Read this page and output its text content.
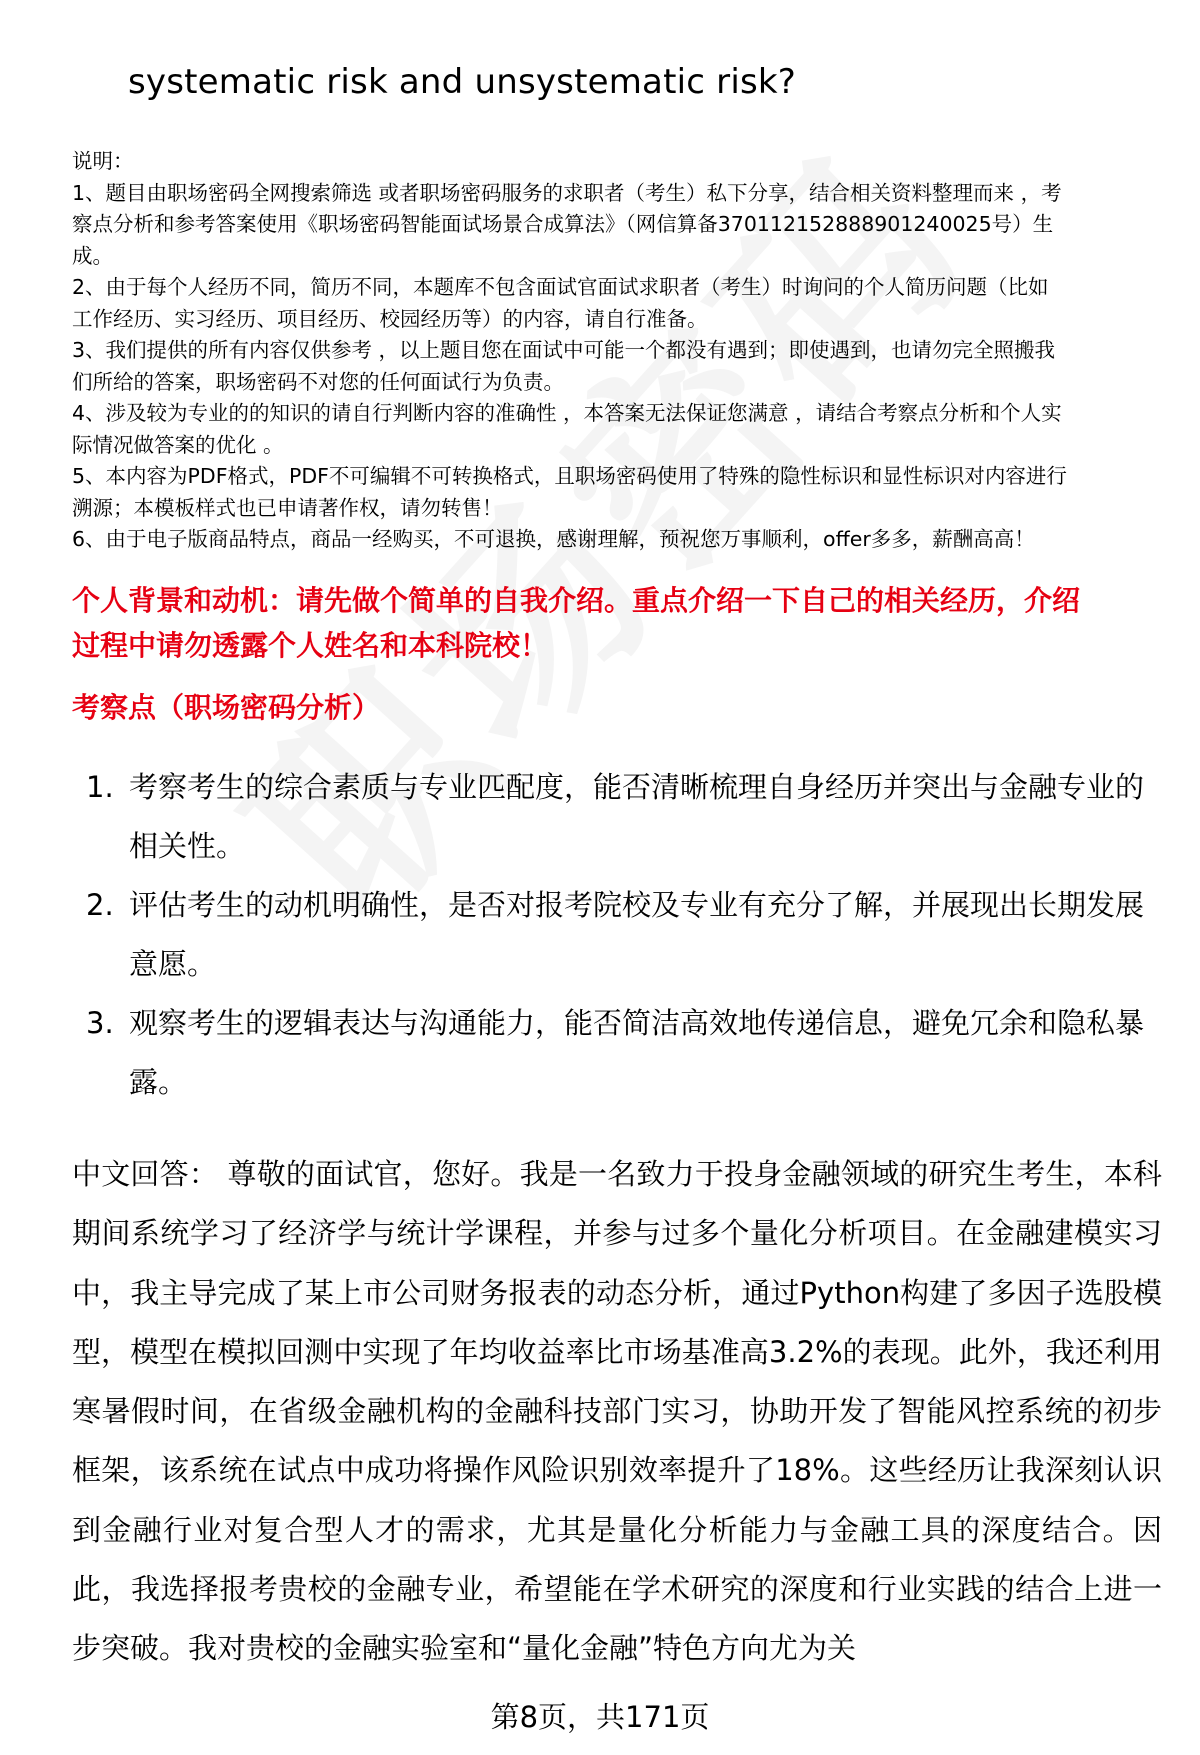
systematic risk and unsystematic risk?
说明：
1、题目由职场密码全网搜索筛选 或者职场密码服务的求职者（考生）私下分享，结合相关资料整理而来 ，考
察点分析和参考答案使用《职场密码智能面试场景合成算法》（网信算备370112152888901240025号）生
成。
2、由于每个人经历不同，简历不同，本题库不包含面试官面试求职者（考生）时询问的个人简历问题（比如
工作经历、实习经历、项目经历、校园经历等）的内容，请自行准备。
3、我们提供的所有内容仅供参考 ，以上题目您在面试中可能一个都没有遇到；即使遇到，也请勿完全照搬我
们所给的答案，职场密码不对您的任何面试行为负责。
4、涉及较为专业的的知识的请自行判断内容的准确性 ，本答案无法保证您满意 ，请结合考察点分析和个人实
际情况做答案的优化 。
5、本内容为PDF格式，PDF不可编辑不可转换格式，且职场密码使用了特殊的隐性标识和显性标识对内容进行
溯源；本模板样式也已申请著作权，请勿转售！
6、由于电子版商品特点，商品一经购买，不可退换，感谢理解，预祝您万事顺利，offer多多，薪酬高高！
个人背景和动机：请先做个简单的自我介绍。重点介绍一下自己的相关经历，介绍
过程中请勿透露个人姓名和本科院校！
考察点（职场密码分析）
1. 考察考生的综合素质与专业匹配度，能否清晰梳理自身经历并突出与金融专业的相关性。
2. 评估考生的动机明确性，是否对报考院校及专业有充分了解，并展现出长期发展意愿。
3. 观察考生的逻辑表达与沟通能力，能否简洁高效地传递信息，避免冗余和隐私暴露。
中文回答： 尊敬的面试官，您好。我是一名致力于投身金融领域的研究生考生，本科期间系统学习了经济学与统计学课程，并参与过多个量化分析项目。在金融建模实习中，我主导完成了某上市公司财务报表的动态分析，通过Python构建了多因子选股模型，模型在模拟回测中实现了年均收益率比市场基准高3.2%的表现。此外，我还利用寒暑假时间，在省级金融机构的金融科技部门实习，协助开发了智能风控系统的初步框架，该系统在试点中成功将操作风险识别效率提升了18%。这些经历让我深刻认识到金融行业对复合型人才的需求，尤其是量化分析能力与金融工具的深度结合。因此，我选择报考贵校的金融专业，希望能在学术研究的深度和行业实践的结合上进一步突破。我对贵校的金融实验室和“量化金融”特色方向尤为关
第8页，共171页
